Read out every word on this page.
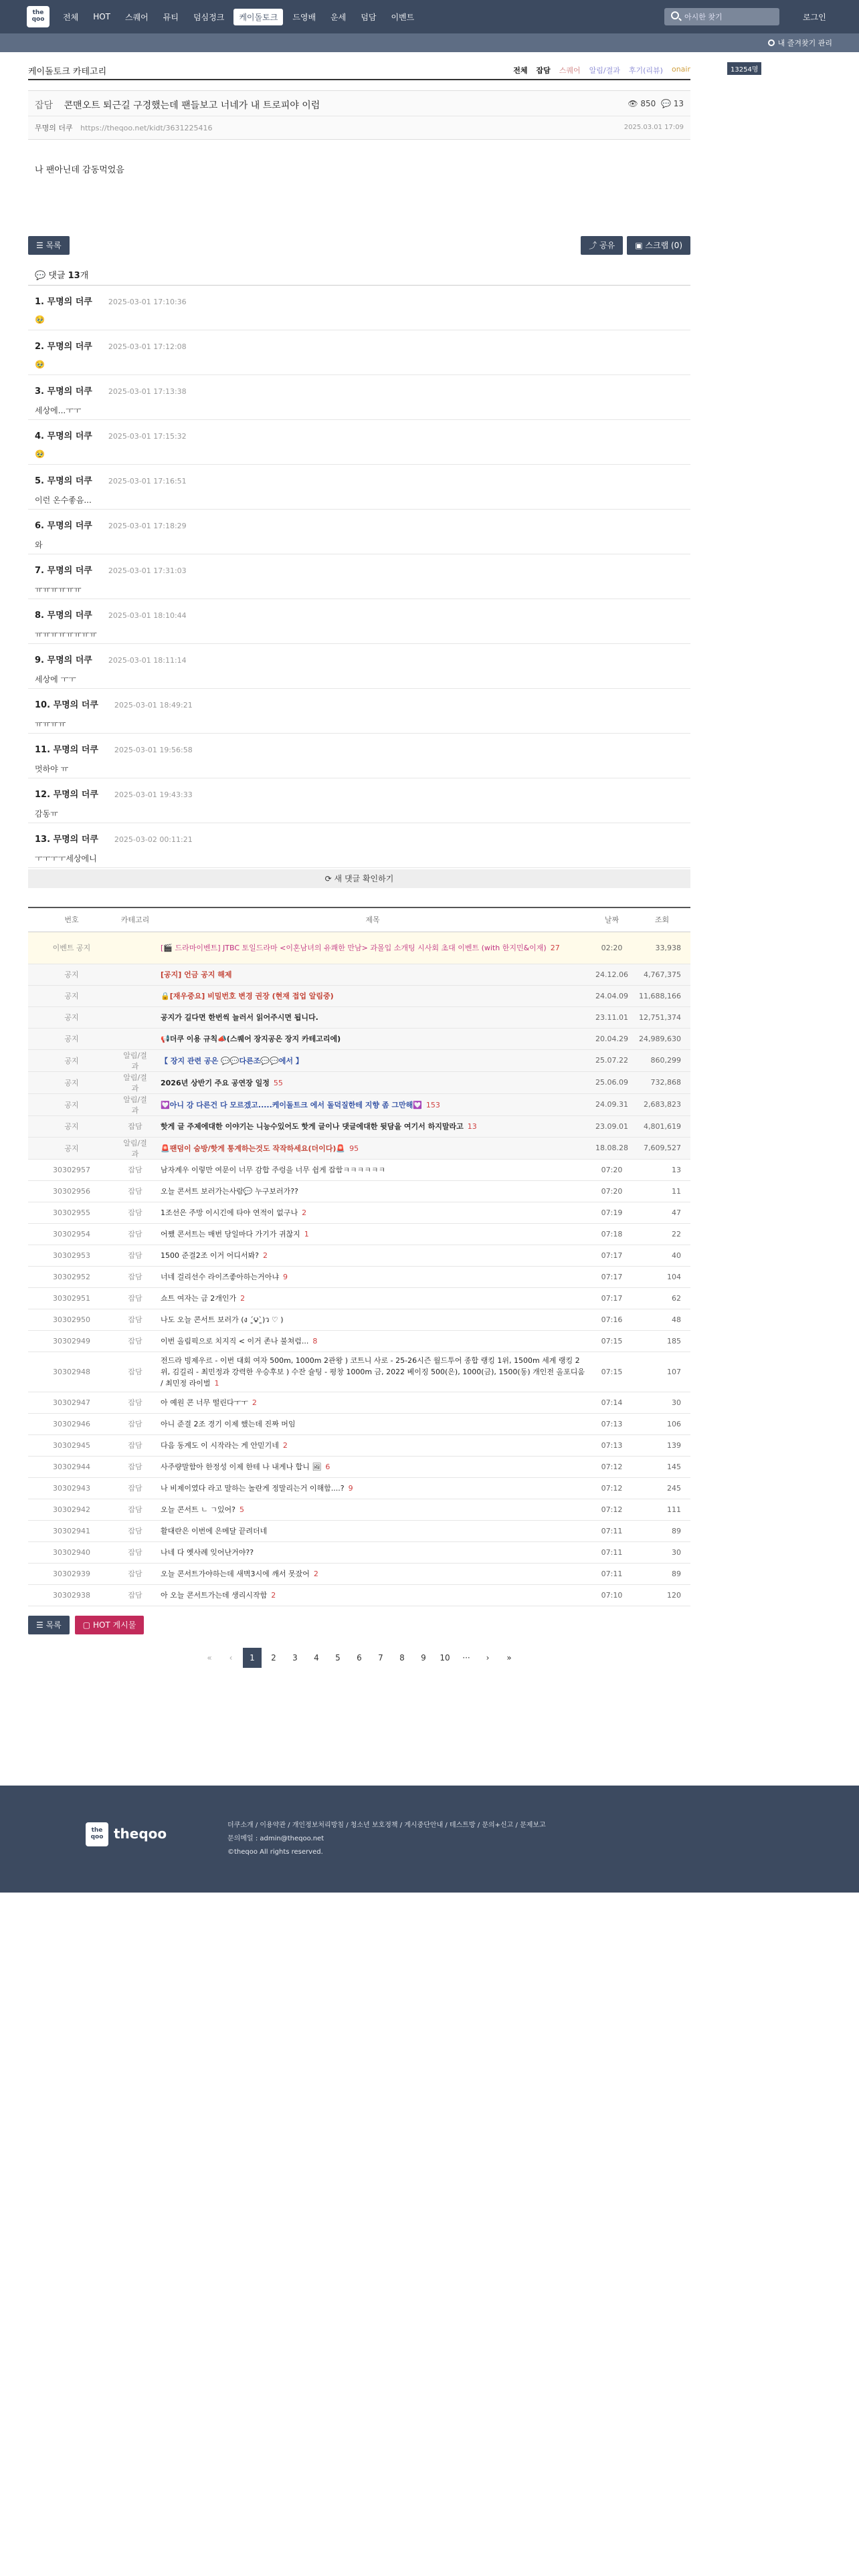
the qoo	전체	HOT	스퀘어	뮤티	덤심정크	케이돌토크	드영배	운세	덤담	이벤트
아시한 찾기	로그인
내 즐겨찾기 관리
13254명
케이돌토크 카테고리	전체 잡담 스퀘어 알림/결과 후기(리뷰) onair
잡담 콘맨오트 퇴근길 구경했는데 팬들보고 너네가 내 트로피야 이럼	👁 850 💬 13
무명의 더쿠 https://theqoo.net/kidt/3631225416	2025.03.01 17:09
나 팬아닌데 감동먹었음
☰ 목록	⤴ 공유	▣ 스크랩 (0)
💬 댓글 13개
1. 무명의 더쿠 2025-03-01 17:10:36
🥹
2. 무명의 더쿠 2025-03-01 17:12:08
🥹
3. 무명의 더쿠 2025-03-01 17:13:38
세상에...ㅜㅜ
4. 무명의 더쿠 2025-03-01 17:15:32
🥹
5. 무명의 더쿠 2025-03-01 17:16:51
이런 온수좋음...
6. 무명의 더쿠 2025-03-01 17:18:29
와
7. 무명의 더쿠 2025-03-01 17:31:03
ㅠㅠㅠㅠㅠㅠ
8. 무명의 더쿠 2025-03-01 18:10:44
ㅠㅠㅠㅠㅠㅠㅠㅠ
9. 무명의 더쿠 2025-03-01 18:11:14
세상에 ㅜㅜ
10. 무명의 더쿠 2025-03-01 18:49:21
ㅠㅠㅠㅠ
11. 무명의 더쿠 2025-03-01 19:56:58
멋하야 ㅠ
12. 무명의 더쿠 2025-03-01 19:43:33
감동ㅠ
13. 무명의 더쿠 2025-03-02 00:11:21
ㅜㅜㅜㅜ세상에니
⟳ 새 댓글 확인하기
번호	카테고리	제목	날짜	조회
이벤트 공지		[🎬 드라마이벤트] JTBC 토일드라마 <이혼남녀의 유쾌한 만남> 과몰입 소개팅 시사회 초대 이벤트 (with 한지민&이재) 27	02:20	33,938
공지		[공지] 언금 공지 해제	24.12.06	4,767,375
공지		🔒[재우중요] 비밀번호 변경 권장 (현재 접업 알림중)	24.04.09	11,688,166
공지		공지가 길다면 한번씩 늘러서 읽어주시면 됩니다.	23.11.01	12,751,374
공지		📢더쿠 이용 규칙📣(스퀘어 장지공은 장지 카테고리에)	20.04.29	24,989,630
공지	알림/결과	【 장지 관련 공은 💬💬다른조💬💬에서 】	25.07.22	860,299
공지	알림/결과	2026년 상반기 주요 공연장 일정 55	25.06.09	732,868
공지	알림/결과	💟아니 강 다른건 다 모르겠고.....케이돌트크 에서 돌덕질한테 지향 좀 그만해💟 153	24.09.31	2,683,823
공지	잡담	핫게 글 주제에대한 이야기는 니능수있어도 핫게 글이나 댓글에대한 뒷담을 여기서 하지말라고 13	23.09.01	4,801,619
공지	알림/결과	🚨팬덤이 숨방/핫게 통계하는것도 작작하세요(더이다)🚨 95	18.08.28	7,609,527
30302957	잡담	남자계우 이렇만 여문이 너무 감합 주렁을 너무 쉽게 잡함ㅋㅋㅋㅋㅋㅋ	07:20	13
30302956	잡담	오늘 콘서트 보러가는사람💬 누구보러가??	07:20	11
30302955	잡담	1조선은 주망 이시긴에 타야 연적이 없구나 2	07:19	47
30302954	잡담	어쨌 콘서트는 매번 당일마다 가기가 귀찮지 1	07:18	22
30302953	잡담	1500 준결2조 이거 어디서봐? 2	07:17	40
30302952	잡담	너네 걸리선수 라이즈좋아하는거아냐 9	07:17	104
30302951	잡담	쇼트 여자는 금 2개인가 2	07:17	62
30302950	잡담	나도 오늘 콘서트 보러가 (ง ´͈౪`͈)ว ♡ )	07:16	48
30302949	잡담	이번 올림픽으로 치지직 < 이거 존나 불쳐럼... 8	07:15	185
30302948	잡담	전드라 빙제우르 - 이번 대회 여자 500m, 1000m 2관왕 ) 코트니 사로 - 25-26시즌 월드투어 종합 랭킹 1위, 1500m 세계 랭킹 2위, 김길리 - 최민정과 강력한 우승후보 ) 수잔 슐팅 - 평창 1000m 금, 2022 베이징 500(은), 1000(금), 1500(동) 개인전 올포디움 / 최민정 라이벌 1	07:15	107
30302947	잡담	아 예원 콘 너무 떨린다ㅜㅜ 2	07:14	30
30302946	잡담	아니 준결 2조 경기 이제 했는데 진짜 머임	07:13	106
30302945	잡담	다음 동계도 이 시작라는 게 안믿기네 2	07:13	139
30302944	잡담	사주량말함아 한정성 이제 한테 나 내게나 합니 🖼 6	07:12	145
30302943	잡담	나 비제이였다 라고 말하는 놀란게 정말리는거 이해함....? 9	07:12	245
30302942	잡담	오늘 콘서트 ㄴ ㄱ있어? 5	07:12	111
30302941	잡담	활대란은 이번에 은메달 끝려더네	07:11	89
30302940	잡담	나네 다 옛사례 잊어난거야??	07:11	30
30302939	잡담	오늘 콘서트가야하는데 새벽3시에 깨서 못잤어 2	07:11	89
30302938	잡담	아 오늘 콘서트가는데 생리시작함 2	07:10	120
☰ 목록	▢ HOT 게시물
« ‹ 1 2 3 4 5 6 7 8 9 10 ··· › »
the qoo theqoo
더쿠소개 / 이용약관 / 개인정보처리방침 / 청소년 보호정책 / 게시중단안내 / 테스트방 / 문의+신고 / 문제보고
문의메일 : admin@theqoo.net
©theqoo All rights reserved.
